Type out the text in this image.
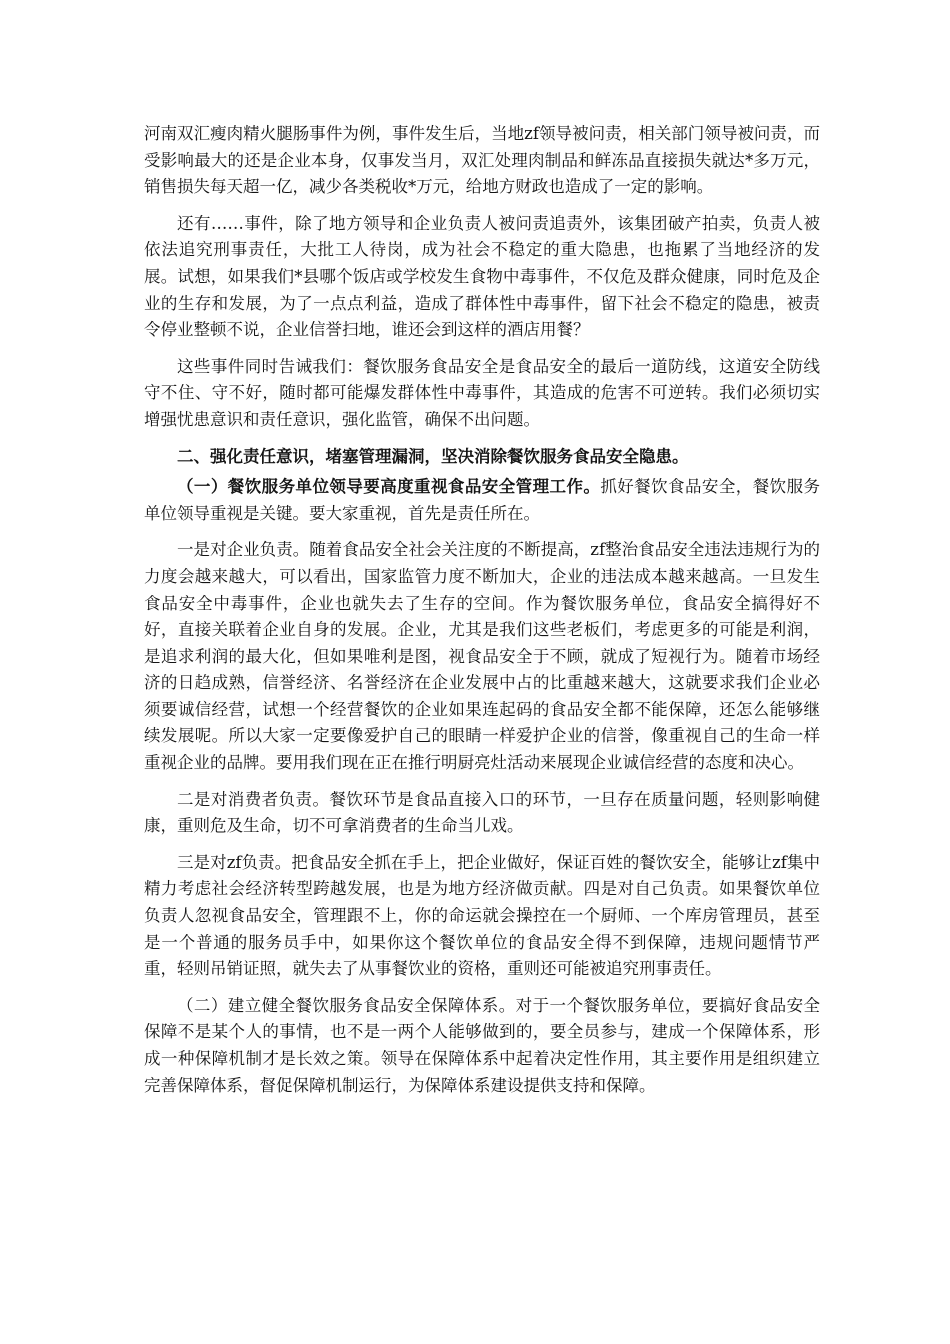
河南双汇瘦肉精火腿肠事件为例，事件发生后，当地zf领导被问责，相关部门领导被问责，而受影响最大的还是企业本身，仅事发当月，双汇处理肉制品和鲜冻品直接损失就达*多万元，销售损失每天超一亿，减少各类税收*万元，给地方财政也造成了一定的影响。

还有……事件，除了地方领导和企业负责人被问责追责外，该集团破产拍卖，负责人被依法追究刑事责任，大批工人待岗，成为社会不稳定的重大隐患，也拖累了当地经济的发展。试想，如果我们*县哪个饭店或学校发生食物中毒事件，不仅危及群众健康，同时危及企业的生存和发展，为了一点点利益，造成了群体性中毒事件，留下社会不稳定的隐患，被责令停业整顿不说，企业信誉扫地，谁还会到这样的酒店用餐？

这些事件同时告诫我们：餐饮服务食品安全是食品安全的最后一道防线，这道安全防线守不住、守不好，随时都可能爆发群体性中毒事件，其造成的危害不可逆转。我们必须切实增强忧患意识和责任意识，强化监管，确保不出问题。

二、强化责任意识，堵塞管理漏洞，坚决消除餐饮服务食品安全隐患。

（一）餐饮服务单位领导要高度重视食品安全管理工作。抓好餐饮食品安全，餐饮服务单位领导重视是关键。要大家重视，首先是责任所在。

一是对企业负责。随着食品安全社会关注度的不断提高，zf整治食品安全违法违规行为的力度会越来越大，可以看出，国家监管力度不断加大，企业的违法成本越来越高。一旦发生食品安全中毒事件，企业也就失去了生存的空间。作为餐饮服务单位，食品安全搞得好不好，直接关联着企业自身的发展。企业，尤其是我们这些老板们，考虑更多的可能是利润，是追求利润的最大化，但如果唯利是图，视食品安全于不顾，就成了短视行为。随着市场经济的日趋成熟，信誉经济、名誉经济在企业发展中占的比重越来越大，这就要求我们企业必须要诚信经营，试想一个经营餐饮的企业如果连起码的食品安全都不能保障，还怎么能够继续发展呢。所以大家一定要像爱护自己的眼睛一样爱护企业的信誉，像重视自己的生命一样重视企业的品牌。要用我们现在正在推行明厨亮灶活动来展现企业诚信经营的态度和决心。

二是对消费者负责。餐饮环节是食品直接入口的环节，一旦存在质量问题，轻则影响健康，重则危及生命，切不可拿消费者的生命当儿戏。

三是对zf负责。把食品安全抓在手上，把企业做好，保证百姓的餐饮安全，能够让zf集中精力考虑社会经济转型跨越发展，也是为地方经济做贡献。四是对自己负责。如果餐饮单位负责人忽视食品安全，管理跟不上，你的命运就会操控在一个厨师、一个库房管理员，甚至是一个普通的服务员手中，如果你这个餐饮单位的食品安全得不到保障，违规问题情节严重，轻则吊销证照，就失去了从事餐饮业的资格，重则还可能被追究刑事责任。

（二）建立健全餐饮服务食品安全保障体系。对于一个餐饮服务单位，要搞好食品安全保障不是某个人的事情，也不是一两个人能够做到的，要全员参与，建成一个保障体系，形成一种保障机制才是长效之策。领导在保障体系中起着决定性作用，其主要作用是组织建立完善保障体系，督促保障机制运行，为保障体系建设提供支持和保障。
